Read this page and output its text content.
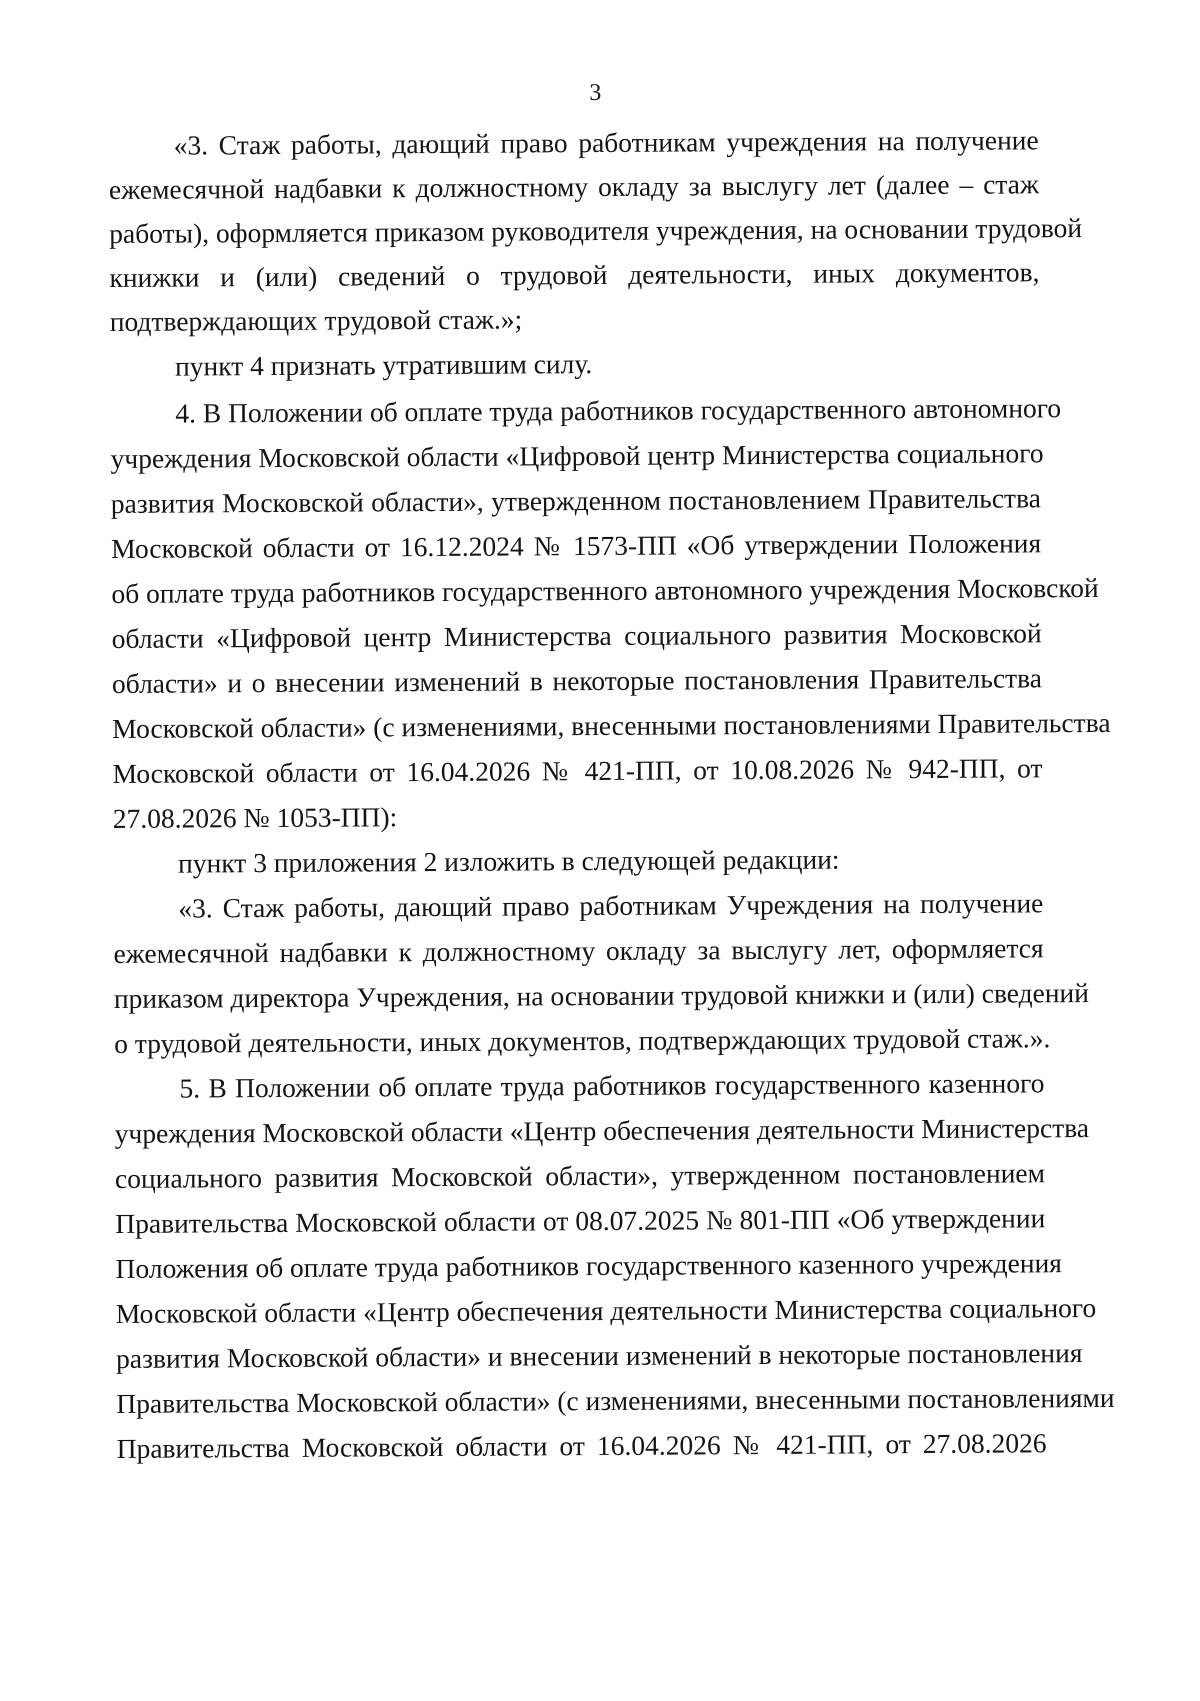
3
«3. Стаж работы, дающий право работникам учреждения на получение
ежемесячной надбавки к должностному окладу за выслугу лет (далее – стаж
работы), оформляется приказом руководителя учреждения, на основании трудовой
книжки и (или) сведений о трудовой деятельности, иных документов,
подтверждающих трудовой стаж.»;
пункт 4 признать утратившим силу.
4. В Положении об оплате труда работников государственного автономного
учреждения Московской области «Цифровой центр Министерства социального
развития Московской области», утвержденном постановлением Правительства
Московской области от 16.12.2024 № 1573-ПП «Об утверждении Положения
об оплате труда работников государственного автономного учреждения Московской
области «Цифровой центр Министерства социального развития Московской
области» и о внесении изменений в некоторые постановления Правительства
Московской области» (с изменениями, внесенными постановлениями Правительства
Московской области от 16.04.2026 № 421-ПП, от 10.08.2026 № 942-ПП, от
27.08.2026 № 1053-ПП):
пункт 3 приложения 2 изложить в следующей редакции:
«3. Стаж работы, дающий право работникам Учреждения на получение
ежемесячной надбавки к должностному окладу за выслугу лет, оформляется
приказом директора Учреждения, на основании трудовой книжки и (или) сведений
о трудовой деятельности, иных документов, подтверждающих трудовой стаж.».
5. В Положении об оплате труда работников государственного казенного
учреждения Московской области «Центр обеспечения деятельности Министерства
социального развития Московской области», утвержденном постановлением
Правительства Московской области от 08.07.2025 № 801-ПП «Об утверждении
Положения об оплате труда работников государственного казенного учреждения
Московской области «Центр обеспечения деятельности Министерства социального
развития Московской области» и внесении изменений в некоторые постановления
Правительства Московской области» (с изменениями, внесенными постановлениями
Правительства Московской области от 16.04.2026 № 421-ПП, от 27.08.2026
